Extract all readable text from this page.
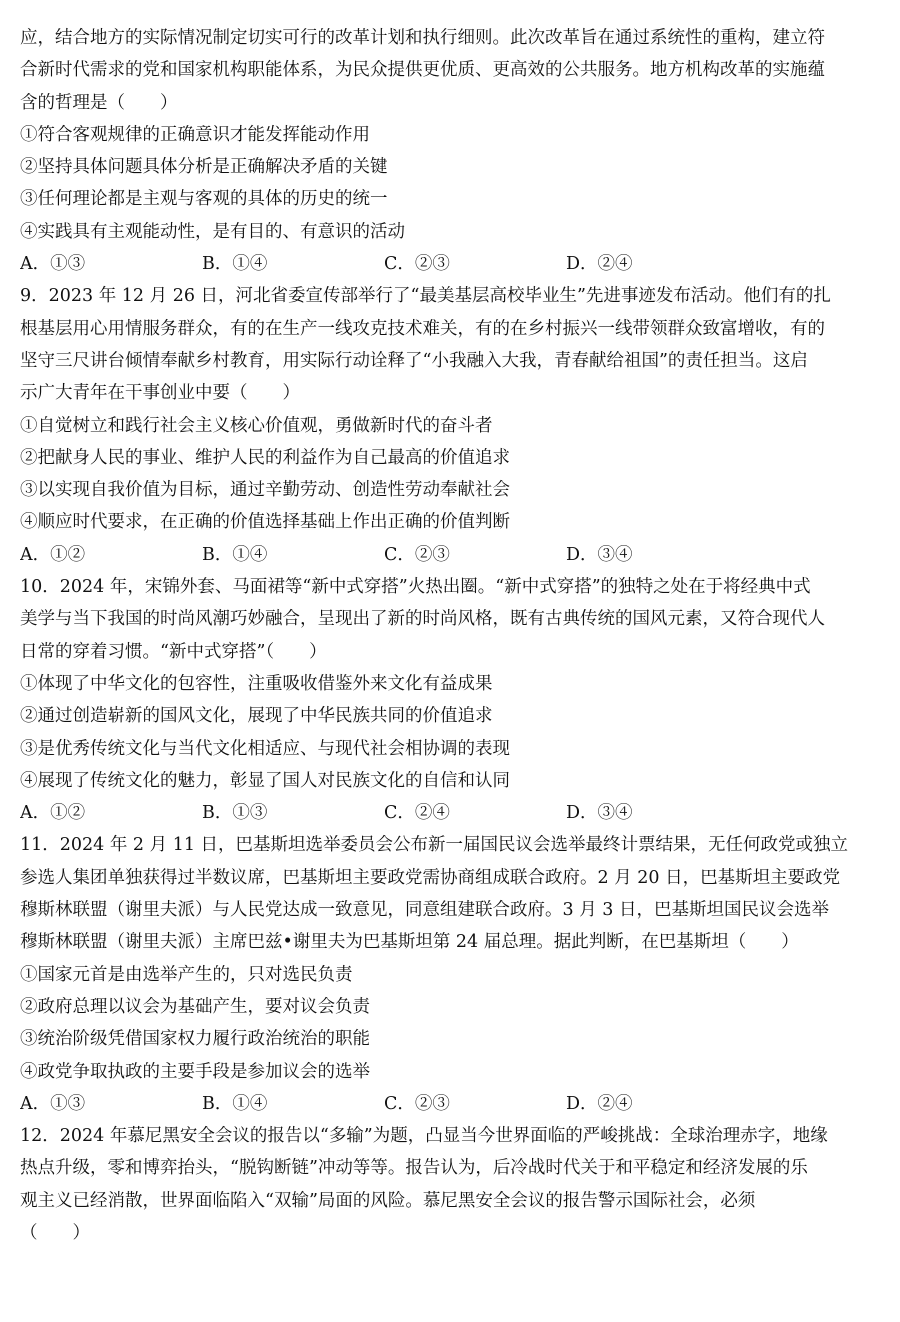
应，结合地方的实际情况制定切实可行的改革计划和执行细则。此次改革旨在通过系统性的重构，建立符
合新时代需求的党和国家机构职能体系，为民众提供更优质、更高效的公共服务。地方机构改革的实施蕴
含的哲理是（　　）
①符合客观规律的正确意识才能发挥能动作用
②坚持具体问题具体分析是正确解决矛盾的关键
③任何理论都是主观与客观的具体的历史的统一
④实践具有主观能动性，是有目的、有意识的活动
A．①③	B．①④	C．②③	D．②④
9．2023 年 12 月 26 日，河北省委宣传部举行了“最美基层高校毕业生”先进事迹发布活动。他们有的扎
根基层用心用情服务群众，有的在生产一线攻克技术难关，有的在乡村振兴一线带领群众致富增收，有的
坚守三尺讲台倾情奉献乡村教育，用实际行动诠释了“小我融入大我，青春献给祖国”的责任担当。这启
示广大青年在干事创业中要（　　）
①自觉树立和践行社会主义核心价值观，勇做新时代的奋斗者
②把献身人民的事业、维护人民的利益作为自己最高的价值追求
③以实现自我价值为目标，通过辛勤劳动、创造性劳动奉献社会
④顺应时代要求，在正确的价值选择基础上作出正确的价值判断
A．①②	B．①④	C．②③	D．③④
10．2024 年，宋锦外套、马面裙等“新中式穿搭”火热出圈。“新中式穿搭”的独特之处在于将经典中式
美学与当下我国的时尚风潮巧妙融合，呈现出了新的时尚风格，既有古典传统的国风元素，又符合现代人
日常的穿着习惯。“新中式穿搭”（　　）
①体现了中华文化的包容性，注重吸收借鉴外来文化有益成果
②通过创造崭新的国风文化，展现了中华民族共同的价值追求
③是优秀传统文化与当代文化相适应、与现代社会相协调的表现
④展现了传统文化的魅力，彰显了国人对民族文化的自信和认同
A．①②	B．①③	C．②④	D．③④
11．2024 年 2 月 11 日，巴基斯坦选举委员会公布新一届国民议会选举最终计票结果，无任何政党或独立
参选人集团单独获得过半数议席，巴基斯坦主要政党需协商组成联合政府。2 月 20 日，巴基斯坦主要政党
穆斯林联盟（谢里夫派）与人民党达成一致意见，同意组建联合政府。3 月 3 日，巴基斯坦国民议会选举
穆斯林联盟（谢里夫派）主席巴兹•谢里夫为巴基斯坦第 24 届总理。据此判断，在巴基斯坦（　　）
①国家元首是由选举产生的，只对选民负责
②政府总理以议会为基础产生，要对议会负责
③统治阶级凭借国家权力履行政治统治的职能
④政党争取执政的主要手段是参加议会的选举
A．①③	B．①④	C．②③	D．②④
12．2024 年慕尼黑安全会议的报告以“多输”为题，凸显当今世界面临的严峻挑战：全球治理赤字，地缘
热点升级，零和博弈抬头，“脱钩断链”冲动等等。报告认为，后冷战时代关于和平稳定和经济发展的乐
观主义已经消散，世界面临陷入“双输”局面的风险。慕尼黑安全会议的报告警示国际社会，必须
（　　）
